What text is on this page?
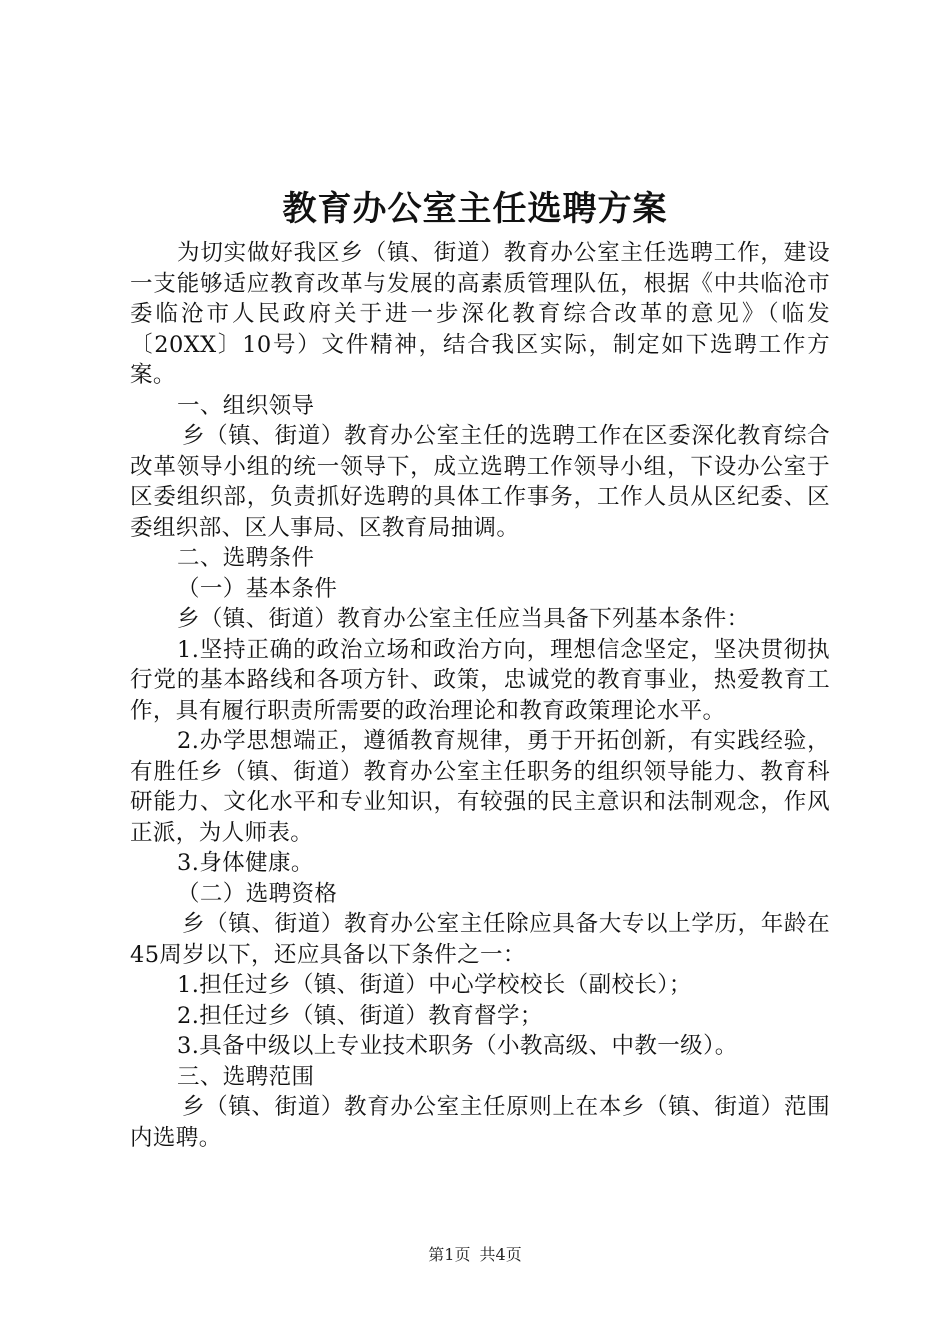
教育办公室主任选聘方案

为切实做好我区乡（镇、街道）教育办公室主任选聘工作，建设一支能够适应教育改革与发展的高素质管理队伍，根据《中共临沧市委临沧市人民政府关于进一步深化教育综合改革的意见》（临发〔20XX〕10号）文件精神，结合我区实际，制定如下选聘工作方案。

一、组织领导

乡（镇、街道）教育办公室主任的选聘工作在区委深化教育综合改革领导小组的统一领导下，成立选聘工作领导小组，下设办公室于区委组织部，负责抓好选聘的具体工作事务，工作人员从区纪委、区委组织部、区人事局、区教育局抽调。

二、选聘条件

（一）基本条件

乡（镇、街道）教育办公室主任应当具备下列基本条件：

1.坚持正确的政治立场和政治方向，理想信念坚定，坚决贯彻执行党的基本路线和各项方针、政策，忠诚党的教育事业，热爱教育工作，具有履行职责所需要的政治理论和教育政策理论水平。

2.办学思想端正，遵循教育规律，勇于开拓创新，有实践经验，有胜任乡（镇、街道）教育办公室主任职务的组织领导能力、教育科研能力、文化水平和专业知识，有较强的民主意识和法制观念，作风正派，为人师表。

3.身体健康。

（二）选聘资格

乡（镇、街道）教育办公室主任除应具备大专以上学历，年龄在45周岁以下，还应具备以下条件之一：

1.担任过乡（镇、街道）中心学校校长（副校长）；

2.担任过乡（镇、街道）教育督学；

3.具备中级以上专业技术职务（小教高级、中教一级）。

三、选聘范围

乡（镇、街道）教育办公室主任原则上在本乡（镇、街道）范围内选聘。

第1页 共4页
